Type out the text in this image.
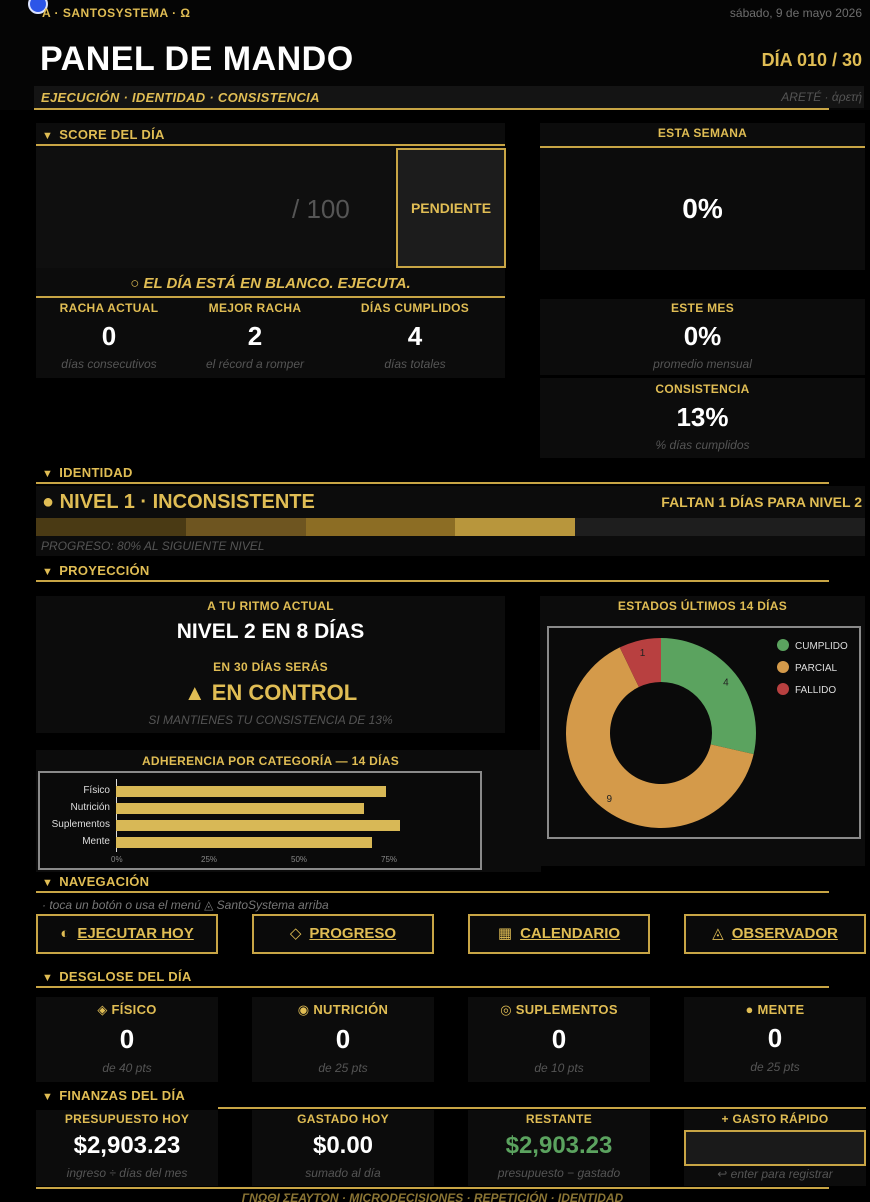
A · SANTOSYSTEMA · Ω	sábado, 9 de mayo 2026
PANEL DE MANDO	DÍA 010 / 30
EJECUCIÓN · IDENTIDAD · CONSISTENCIA	ARETÉ · ἀρετή
▼ SCORE DEL DÍA
/ 100	PENDIENTE
○ EL DÍA ESTÁ EN BLANCO. EJECUTA.
RACHA ACTUAL
0
días consecutivos
MEJOR RACHA
2
el récord a romper
DÍAS CUMPLIDOS
4
días totales
ESTA SEMANA
0%
ESTE MES
0%
promedio mensual
CONSISTENCIA
13%
% días cumplidos
▼ IDENTIDAD
● NIVEL 1 · INCONSISTENTE	FALTAN 1 DÍAS PARA NIVEL 2
PROGRESO: 80% AL SIGUIENTE NIVEL
▼ PROYECCIÓN
A TU RITMO ACTUAL
NIVEL 2 EN 8 DÍAS
EN 30 DÍAS SERÁS
▲ EN CONTROL
SI MANTIENES TU CONSISTENCIA DE 13%
ESTADOS ÚLTIMOS 14 DÍAS
4
9
1
CUMPLIDO
PARCIAL
FALLIDO
ADHERENCIA POR CATEGORÍA — 14 DÍAS
Físico
Nutrición
Suplementos
Mente
0%	25%	50%	75%
▼ NAVEGACIÓN
· toca un botón o usa el menú ◬ SantoSystema arriba
◐ EJECUTAR HOY	◇ PROGRESO	▦ CALENDARIO	◬ OBSERVADOR
▼ DESGLOSE DEL DÍA
◈ FÍSICO
0
de 40 pts
◉ NUTRICIÓN
0
de 25 pts
◎ SUPLEMENTOS
0
de 10 pts
● MENTE
0
de 25 pts
▼ FINANZAS DEL DÍA
PRESUPUESTO HOY
$2,903.23
ingreso ÷ días del mes
GASTADO HOY
$0.00
sumado al día
RESTANTE
$2,903.23
presupuesto − gastado
+ GASTO RÁPIDO
↩ enter para registrar
ΓΝΩΘΙ ΣΕΑΥΤΟΝ · MICRODECISIONES · REPETICIÓN · IDENTIDAD
